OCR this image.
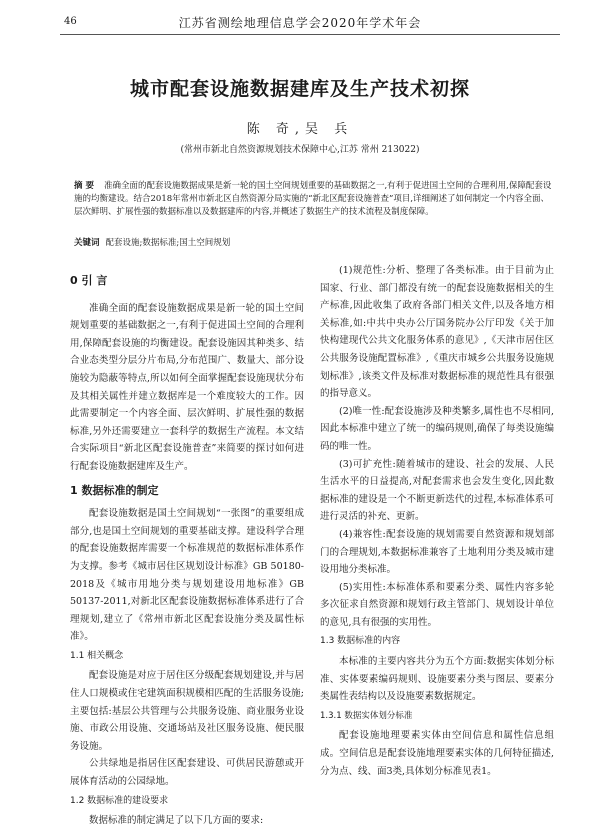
46	江苏省测绘地理信息学会2020年学术年会
城市配套设施数据建库及生产技术初探
陈 奇,吴 兵
(常州市新北自然资源规划技术保障中心,江苏 常州 213022)
摘 要 准确全面的配套设施数据成果是新一轮的国土空间规划重要的基础数据之一,有利于促进国土空间的合理利用,保障配套设施的均衡建设。结合2018年常州市新北区自然资源分局实施的“新北区配套设施普查”项目,详细阐述了如何制定一个内容全面、层次鲜明、扩展性强的数据标准以及数据建库的内容,并概述了数据生产的技术流程及制度保障。
关键词 配套设施;数据标准;国土空间规划
0 引 言

准确全面的配套设施数据成果是新一轮的国土空间规划重要的基础数据之一,有利于促进国土空间的合理利用,保障配套设施的均衡建设。配套设施因其种类多、结合业态类型分层分片布局,分布范围广、数量大、部分设施较为隐蔽等特点,所以如何全面掌握配套设施现状分布及其相关属性并建立数据库是一个难度较大的工作。因此需要制定一个内容全面、层次鲜明、扩展性强的数据标准,另外还需要建立一套科学的数据生产流程。本文结合实际项目“新北区配套设施普查”来简要的探讨如何进行配套设施数据建库及生产。

1 数据标准的制定

配套设施数据是国土空间规划“一张图”的重要组成部分,也是国土空间规划的重要基础支撑。建设科学合理的配套设施数据库需要一个标准规范的数据标准体系作为支撑。参考《城市居住区规划设计标准》GB 50180-2018及《城市用地分类与规划建设用地标准》GB 50137-2011,对新北区配套设施数据标准体系进行了合理规划,建立了《常州市新北区配套设施分类及属性标准》。

1.1 相关概念

配套设施是对应于居住区分级配套规划建设,并与居住人口规模或住宅建筑面积规模相匹配的生活服务设施;主要包括:基层公共管理与公共服务设施、商业服务业设施、市政公用设施、交通场站及社区服务设施、便民服务设施。

公共绿地是指居住区配套建设、可供居民游憩或开展体育活动的公园绿地。

1.2 数据标准的建设要求

数据标准的制定满足了以下几方面的要求:

(1)规范性:分析、整理了各类标准。由于目前为止国家、行业、部门都没有统一的配套设施数据相关的生产标准,因此收集了政府各部门相关文件,以及各地方相关标准,如:中共中央办公厅国务院办公厅印发《关于加快构建现代公共文化服务体系的意见》,《天津市居住区公共服务设施配置标准》,《重庆市城乡公共服务设施规划标准》,该类文件及标准对数据标准的规范性具有很强的指导意义。

(2)唯一性:配套设施涉及种类繁多,属性也不尽相同,因此本标准中建立了统一的编码规则,确保了每类设施编码的唯一性。

(3)可扩充性:随着城市的建设、社会的发展、人民生活水平的日益提高,对配套需求也会发生变化,因此数据标准的建设是一个不断更新迭代的过程,本标准体系可进行灵活的补充、更新。

(4)兼容性:配套设施的规划需要自然资源和规划部门的合理规划,本数据标准兼容了土地利用分类及城市建设用地分类标准。

(5)实用性:本标准体系和要素分类、属性内容多轮多次征求自然资源和规划行政主管部门、规划设计单位的意见,具有很强的实用性。

1.3 数据标准的内容

本标准的主要内容共分为五个方面:数据实体划分标准、实体要素编码规则、设施要素分类与图层、要素分类属性表结构以及设施要素数据规定。

1.3.1 数据实体划分标准

配套设施地理要素实体由空间信息和属性信息组成。空间信息是配套设施地理要素实体的几何特征描述,分为点、线、面3类,具体划分标准见表1。
